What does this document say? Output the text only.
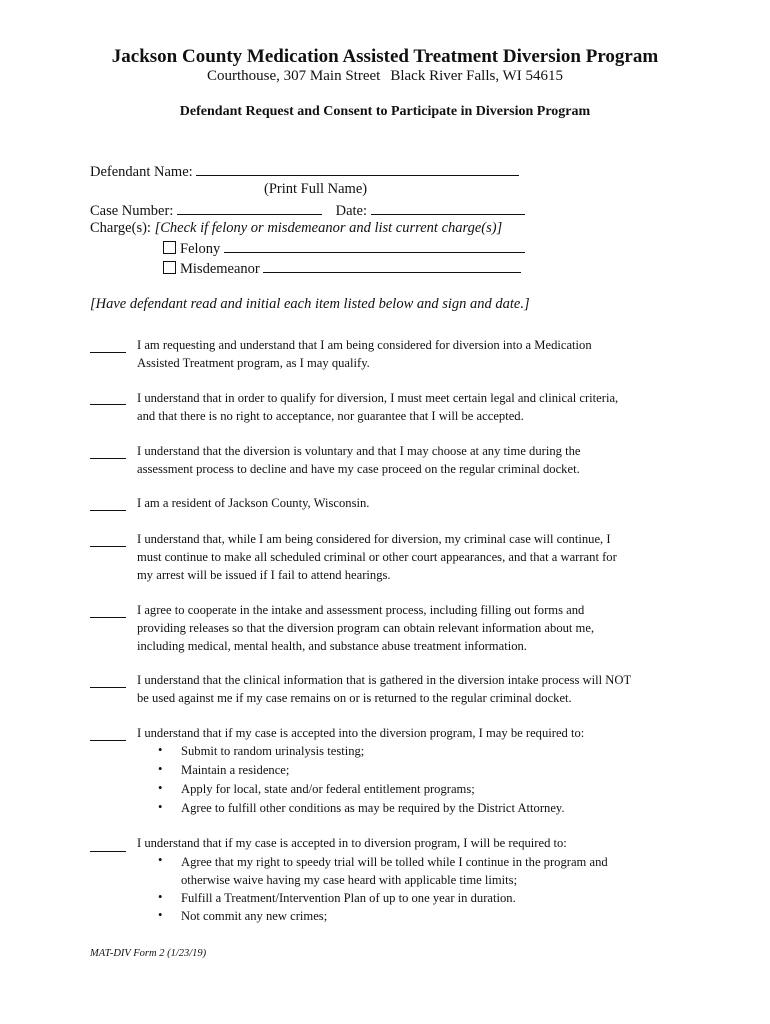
Jackson County Medication Assisted Treatment Diversion Program
Courthouse, 307 Main Street Black River Falls, WI 54615
Defendant Request and Consent to Participate in Diversion Program
Defendant Name:
(Print Full Name)
Case Number:	Date:
Charge(s): [Check if felony or misdemeanor and list current charge(s)]
Felony
Misdemeanor
[Have defendant read and initial each item listed below and sign and date.]
I am requesting and understand that I am being considered for diversion into a Medication
Assisted Treatment program, as I may qualify.
I understand that in order to qualify for diversion, I must meet certain legal and clinical criteria,
and that there is no right to acceptance, nor guarantee that I will be accepted.
I understand that the diversion is voluntary and that I may choose at any time during the
assessment process to decline and have my case proceed on the regular criminal docket.
I am a resident of Jackson County, Wisconsin.
I understand that, while I am being considered for diversion, my criminal case will continue, I
must continue to make all scheduled criminal or other court appearances, and that a warrant for
my arrest will be issued if I fail to attend hearings.
I agree to cooperate in the intake and assessment process, including filling out forms and
providing releases so that the diversion program can obtain relevant information about me,
including medical, mental health, and substance abuse treatment information.
I understand that the clinical information that is gathered in the diversion intake process will NOT
be used against me if my case remains on or is returned to the regular criminal docket.
I understand that if my case is accepted into the diversion program, I may be required to:
• Submit to random urinalysis testing;
• Maintain a residence;
• Apply for local, state and/or federal entitlement programs;
• Agree to fulfill other conditions as may be required by the District Attorney.
I understand that if my case is accepted in to diversion program, I will be required to:
• Agree that my right to speedy trial will be tolled while I continue in the program and
otherwise waive having my case heard with applicable time limits;
• Fulfill a Treatment/Intervention Plan of up to one year in duration.
• Not commit any new crimes;
MAT-DIV Form 2 (1/23/19)
